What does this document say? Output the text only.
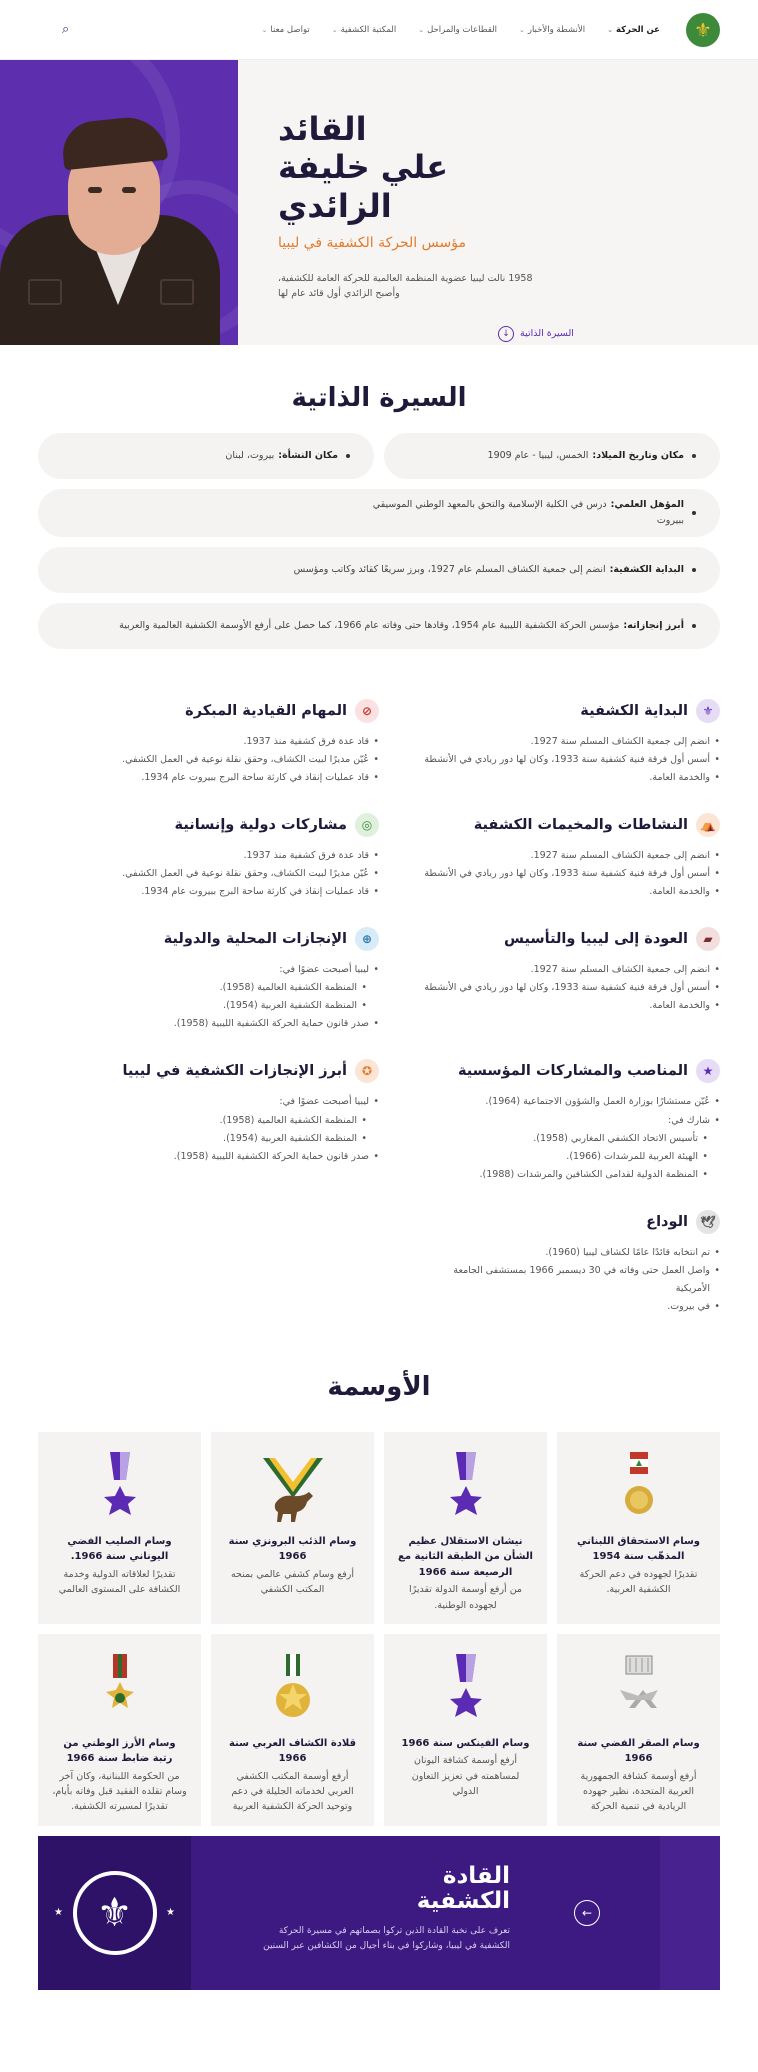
⚜
عن الحركة
⌄
الأنشطة والأخبار
⌄
القطاعات والمراحل
⌄
المكتبة الكشفية
⌄
تواصل معنا
⌄
⌕
القائد
علي خليفة الزائدي
مؤسس الحركة الكشفية في ليبيا
1958 نالت ليبيا عضوية المنظمة العالمية للحركة العامة للكشفية،
وأصبح الزائدي أول قائد عام لها
السيرة الذاتية
↓
السيرة الذاتية
مكان وتاريخ الميلاد:
الخمس، ليبيا - عام 1909
مكان النشأة:
بيروت، لبنان
المؤهل العلمي:درس في الكلية الإسلامية والتحق بالمعهد الوطني الموسيقي
ببيروت
البداية الكشفية:
انضم إلى جمعية الكشاف المسلم عام 1927، وبرز سريعًا كقائد وكاتب ومؤسس
أبرز إنجازاته:
مؤسس الحركة الكشفية الليبية عام 1954، وقادها حتى وفاته عام 1966، كما حصل على أرفع الأوسمة الكشفية العالمية والعربية
⚜
البداية الكشفية
• انضم إلى جمعية الكشاف المسلم سنة 1927.
• أسس أول فرقة فنية كشفية سنة 1933، وكان لها دور ريادي في الأنشطة
• والخدمة العامة.
⊘
المهام القيادية المبكرة
• قاد عدة فرق كشفية منذ 1937.
• عُيّن مديرًا لبيت الكشاف، وحقق نقلة نوعية في العمل الكشفي.
• قاد عمليات إنقاذ في كارثة ساحة البرج ببيروت عام 1934.
⛺
النشاطات والمخيمات الكشفية
• انضم إلى جمعية الكشاف المسلم سنة 1927.
• أسس أول فرقة فنية كشفية سنة 1933، وكان لها دور ريادي في الأنشطة
• والخدمة العامة.
◎
مشاركات دولية وإنسانية
• قاد عدة فرق كشفية منذ 1937.
• عُيّن مديرًا لبيت الكشاف، وحقق نقلة نوعية في العمل الكشفي.
• قاد عمليات إنقاذ في كارثة ساحة البرج ببيروت عام 1934.
▰
العودة إلى ليبيا والتأسيس
• انضم إلى جمعية الكشاف المسلم سنة 1927.
• أسس أول فرقة فنية كشفية سنة 1933، وكان لها دور ريادي في الأنشطة
• والخدمة العامة.
⊕
الإنجازات المحلية والدولية
• ليبيا أصبحت عضوًا في:
• المنظمة الكشفية العالمية (1958).
• المنظمة الكشفية العربية (1954).
• صدر قانون حماية الحركة الكشفية الليبية (1958).
★
المناصب والمشاركات المؤسسية
• عُيّن مستشارًا بوزارة العمل والشؤون الاجتماعية (1964).
• شارك في:
• تأسيس الاتحاد الكشفي المغاربي (1958).
• الهيئة العربية للمرشدات (1966).
• المنظمة الدولية لقدامى الكشافين والمرشدات (1988).
✪
أبرز الإنجازات الكشفية في ليبيا
• ليبيا أصبحت عضوًا في:
• المنظمة الكشفية العالمية (1958).
• المنظمة الكشفية العربية (1954).
• صدر قانون حماية الحركة الكشفية الليبية (1958).
🕊
الوداع
• تم انتخابه قائدًا عامًا لكشاف ليبيا (1960).
• واصل العمل حتى وفاته في 30 ديسمبر 1966 بمستشفى الجامعة الأمريكية
• في بيروت.
الأوسمة
وسام الاستحقاق اللبناني المذهّب سنة 1954

تقديرًا لجهوده في دعم الحركة الكشفية العربية.

نيشان الاستقلال عظيم الشأن من الطبقة الثانية مع الرصيعة سنة 1966

من أرفع أوسمة الدولة تقديرًا لجهوده الوطنية.

وسام الذئب البرونزي سنة 1966

أرفع وسام كشفي عالمي بمنحه المكتب الكشفي

وسام الصليب الفضي اليوناني سنة 1966.

تقديرًا لعلاقاته الدولية وخدمة الكشافة على المستوى العالمي

وسام الصقر الفضي سنة 1966

أرفع أوسمة كشافة الجمهورية العربية المتحدة، نظير جهوده الريادية في تنمية الحركة

وسام الفينكس سنة 1966

أرفع أوسمة كشافة اليونان لمساهمته في تعزيز التعاون الدولي

قلادة الكشاف العربي سنة 1966

أرفع أوسمة المكتب الكشفي العربي لخدماته الجليلة في دعم وتوحيد الحركة الكشفية العربية

وسام الأرز الوطني من رتبة ضابط سنة 1966

من الحكومة اللبنانية، وكان آخر وسام تقلده الفقيد قبل وفاته بأيام، تقديرًا لمسيرته الكشفية.

★ ⚜	★	←
القادة
الكشفية

تعرف على نخبة القادة الذين تركوا بصماتهم في مسيرة الحركة الكشفية في ليبيا، وشاركوا في بناء أجيال من الكشافين عبر السنين
